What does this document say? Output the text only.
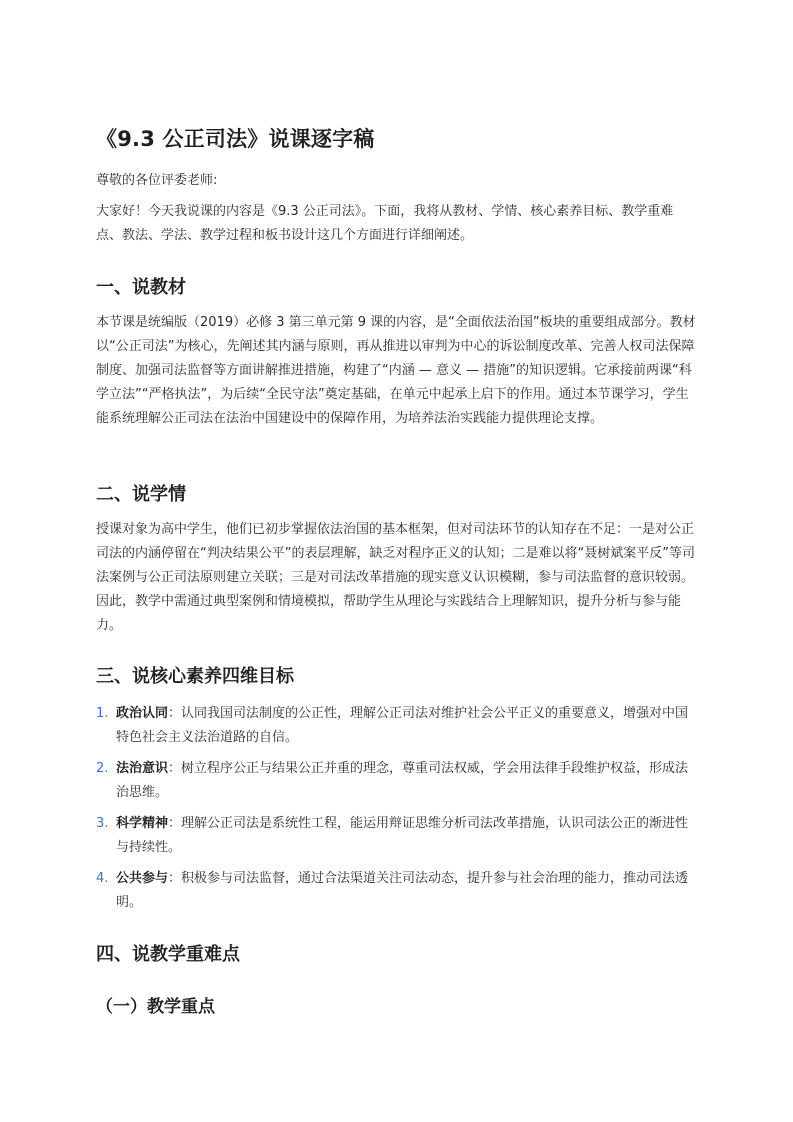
《9.3 公正司法》说课逐字稿

尊敬的各位评委老师:

大家好！今天我说课的内容是《9.3 公正司法》。下面，我将从教材、学情、核心素养目标、教学重难点、教法、学法、教学过程和板书设计这几个方面进行详细阐述。

一、说教材

本节课是统编版（2019）必修 3 第三单元第 9 课的内容，是“全面依法治国”板块的重要组成部分。教材以“公正司法”为核心，先阐述其内涵与原则，再从推进以审判为中心的诉讼制度改革、完善人权司法保障制度、加强司法监督等方面讲解推进措施，构建了“内涵 — 意义 — 措施”的知识逻辑。它承接前两课“科学立法”“严格执法”，为后续“全民守法”奠定基础，在单元中起承上启下的作用。通过本节课学习，学生能系统理解公正司法在法治中国建设中的保障作用，为培养法治实践能力提供理论支撑。

二、说学情

授课对象为高中学生，他们已初步掌握依法治国的基本框架，但对司法环节的认知存在不足：一是对公正司法的内涵停留在“判决结果公平”的表层理解，缺乏对程序正义的认知；二是难以将“聂树斌案平反”等司法案例与公正司法原则建立关联；三是对司法改革措施的现实意义认识模糊，参与司法监督的意识较弱。因此，教学中需通过典型案例和情境模拟，帮助学生从理论与实践结合上理解知识，提升分析与参与能力。

三、说核心素养四维目标
1. 政治认同：认同我国司法制度的公正性，理解公正司法对维护社会公平正义的重要意义，增强对中国特色社会主义法治道路的自信。
2. 法治意识：树立程序公正与结果公正并重的理念，尊重司法权威，学会用法律手段维护权益，形成法治思维。
3. 科学精神：理解公正司法是系统性工程，能运用辩证思维分析司法改革措施，认识司法公正的渐进性与持续性。
4. 公共参与：积极参与司法监督，通过合法渠道关注司法动态，提升参与社会治理的能力，推动司法透明。
四、说教学重难点
（一）教学重点
